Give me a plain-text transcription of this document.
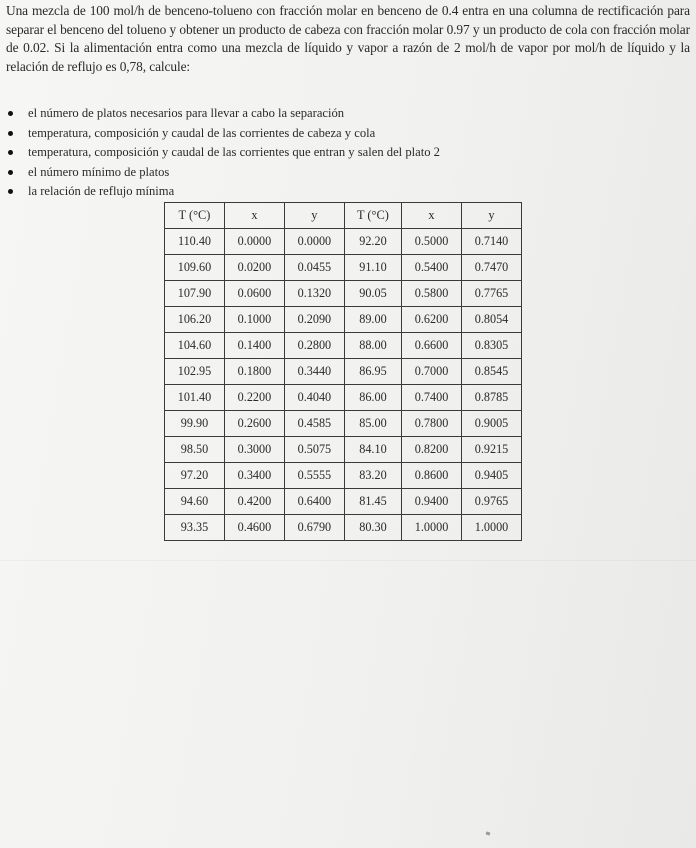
Una mezcla de 100 mol/h de benceno-tolueno con fracción molar en benceno de 0.4 entra en una columna de rectificación para separar el benceno del tolueno y obtener un producto de cabeza con fracción molar 0.97 y un producto de cola con fracción molar de 0.02. Si la alimentación entra como una mezcla de líquido y vapor a razón de 2 mol/h de vapor por mol/h de líquido y la relación de reflujo es 0,78, calcule:

el número de platos necesarios para llevar a cabo la separación
temperatura, composición y caudal de las corrientes de cabeza y cola
temperatura, composición y caudal de las corrientes que entran y salen del plato 2
el número mínimo de platos
la relación de reflujo mínima
T (°C)	x	y	T (°C)	x	y
110.40	0.0000	0.0000	92.20	0.5000	0.7140
109.60	0.0200	0.0455	91.10	0.5400	0.7470
107.90	0.0600	0.1320	90.05	0.5800	0.7765
106.20	0.1000	0.2090	89.00	0.6200	0.8054
104.60	0.1400	0.2800	88.00	0.6600	0.8305
102.95	0.1800	0.3440	86.95	0.7000	0.8545
101.40	0.2200	0.4040	86.00	0.7400	0.8785
99.90	0.2600	0.4585	85.00	0.7800	0.9005
98.50	0.3000	0.5075	84.10	0.8200	0.9215
97.20	0.3400	0.5555	83.20	0.8600	0.9405
94.60	0.4200	0.6400	81.45	0.9400	0.9765
93.35	0.4600	0.6790	80.30	1.0000	1.0000
